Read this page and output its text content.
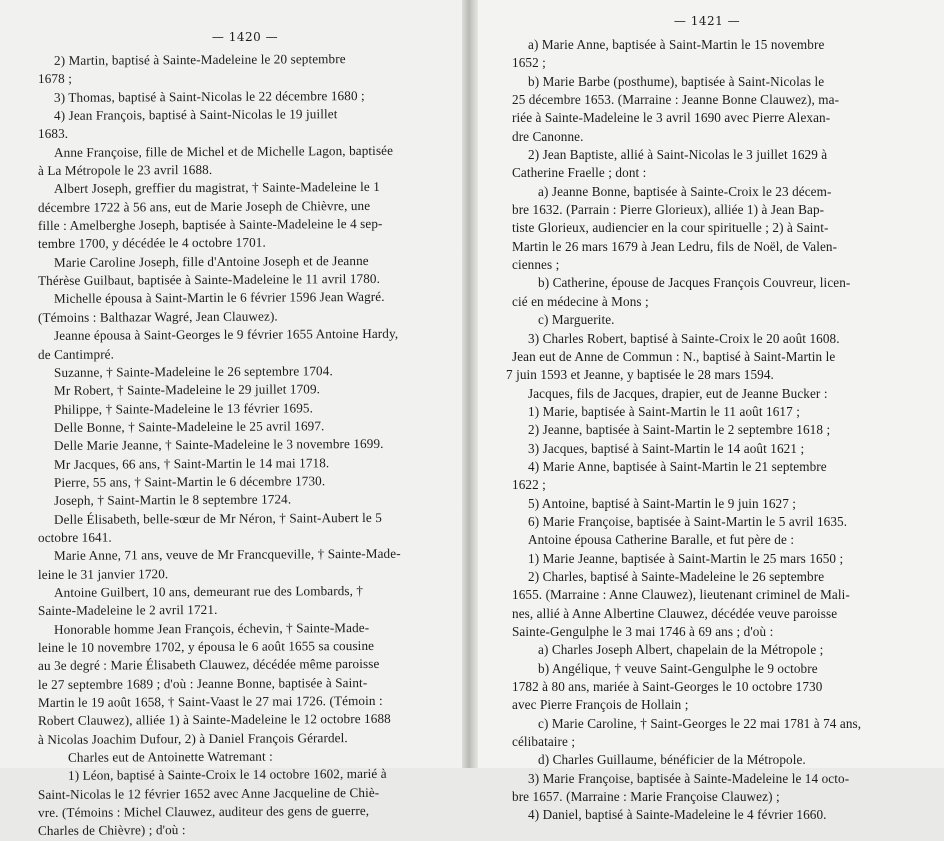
— 1420 —
2) Martin, baptisé à Sainte-Madeleine le 20 septembre
1678 ;
3) Thomas, baptisé à Saint-Nicolas le 22 décembre 1680 ;
4) Jean François, baptisé à Saint-Nicolas le 19 juillet
1683.
Anne Françoise, fille de Michel et de Michelle Lagon, baptisée
à La Métropole le 23 avril 1688.
Albert Joseph, greffier du magistrat, † Sainte-Madeleine le 1
décembre 1722 à 56 ans, eut de Marie Joseph de Chièvre, une
fille : Amelberghe Joseph, baptisée à Sainte-Madeleine le 4 sep-
tembre 1700, y décédée le 4 octobre 1701.
Marie Caroline Joseph, fille d'Antoine Joseph et de Jeanne
Thérèse Guilbaut, baptisée à Sainte-Madeleine le 11 avril 1780.
Michelle épousa à Saint-Martin le 6 février 1596 Jean Wagré.
(Témoins : Balthazar Wagré, Jean Clauwez).
Jeanne épousa à Saint-Georges le 9 février 1655 Antoine Hardy,
de Cantimpré.
Suzanne, † Sainte-Madeleine le 26 septembre 1704.
Mr Robert, † Sainte-Madeleine le 29 juillet 1709.
Philippe, † Sainte-Madeleine le 13 février 1695.
Delle Bonne, † Sainte-Madeleine le 25 avril 1697.
Delle Marie Jeanne, † Sainte-Madeleine le 3 novembre 1699.
Mr Jacques, 66 ans, † Saint-Martin le 14 mai 1718.
Pierre, 55 ans, † Saint-Martin le 6 décembre 1730.
Joseph, † Saint-Martin le 8 septembre 1724.
Delle Élisabeth, belle-sœur de Mr Néron, † Saint-Aubert le 5
octobre 1641.
Marie Anne, 71 ans, veuve de Mr Francqueville, † Sainte-Made-
leine le 31 janvier 1720.
Antoine Guilbert, 10 ans, demeurant rue des Lombards, †
Sainte-Madeleine le 2 avril 1721.
Honorable homme Jean François, échevin, † Sainte-Made-
leine le 10 novembre 1702, y épousa le 6 août 1655 sa cousine
au 3e degré : Marie Élisabeth Clauwez, décédée même paroisse
le 27 septembre 1689 ; d'où : Jeanne Bonne, baptisée à Saint-
Martin le 19 août 1658, † Saint-Vaast le 27 mai 1726. (Témoin :
Robert Clauwez), alliée 1) à Sainte-Madeleine le 12 octobre 1688
à Nicolas Joachim Dufour, 2) à Daniel François Gérardel.
Charles eut de Antoinette Watremant :
1) Léon, baptisé à Sainte-Croix le 14 octobre 1602, marié à
Saint-Nicolas le 12 février 1652 avec Anne Jacqueline de Chiè-
vre. (Témoins : Michel Clauwez, auditeur des gens de guerre,
Charles de Chièvre) ; d'où :
— 1421 —
a) Marie Anne, baptisée à Saint-Martin le 15 novembre
1652 ;
b) Marie Barbe (posthume), baptisée à Saint-Nicolas le
25 décembre 1653. (Marraine : Jeanne Bonne Clauwez), ma-
riée à Sainte-Madeleine le 3 avril 1690 avec Pierre Alexan-
dre Canonne.
2) Jean Baptiste, allié à Saint-Nicolas le 3 juillet 1629 à
Catherine Fraelle ; dont :
a) Jeanne Bonne, baptisée à Sainte-Croix le 23 décem-
bre 1632. (Parrain : Pierre Glorieux), alliée 1) à Jean Bap-
tiste Glorieux, audiencier en la cour spirituelle ; 2) à Saint-
Martin le 26 mars 1679 à Jean Ledru, fils de Noël, de Valen-
ciennes ;
b) Catherine, épouse de Jacques François Couvreur, licen-
cié en médecine à Mons ;
c) Marguerite.
3) Charles Robert, baptisé à Sainte-Croix le 20 août 1608.
Jean eut de Anne de Commun : N., baptisé à Saint-Martin le
7 juin 1593 et Jeanne, y baptisée le 28 mars 1594.
Jacques, fils de Jacques, drapier, eut de Jeanne Bucker :
1) Marie, baptisée à Saint-Martin le 11 août 1617 ;
2) Jeanne, baptisée à Saint-Martin le 2 septembre 1618 ;
3) Jacques, baptisé à Saint-Martin le 14 août 1621 ;
4) Marie Anne, baptisée à Saint-Martin le 21 septembre
1622 ;
5) Antoine, baptisé à Saint-Martin le 9 juin 1627 ;
6) Marie Françoise, baptisée à Saint-Martin le 5 avril 1635.
Antoine épousa Catherine Baralle, et fut père de :
1) Marie Jeanne, baptisée à Saint-Martin le 25 mars 1650 ;
2) Charles, baptisé à Sainte-Madeleine le 26 septembre
1655. (Marraine : Anne Clauwez), lieutenant criminel de Mali-
nes, allié à Anne Albertine Clauwez, décédée veuve paroisse
Sainte-Gengulphe le 3 mai 1746 à 69 ans ; d'où :
a) Charles Joseph Albert, chapelain de la Métropole ;
b) Angélique, † veuve Saint-Gengulphe le 9 octobre
1782 à 80 ans, mariée à Saint-Georges le 10 octobre 1730
avec Pierre François de Hollain ;
c) Marie Caroline, † Saint-Georges le 22 mai 1781 à 74 ans,
célibataire ;
d) Charles Guillaume, bénéficier de la Métropole.
3) Marie Françoise, baptisée à Sainte-Madeleine le 14 octo-
bre 1657. (Marraine : Marie Françoise Clauwez) ;
4) Daniel, baptisé à Sainte-Madeleine le 4 février 1660.
